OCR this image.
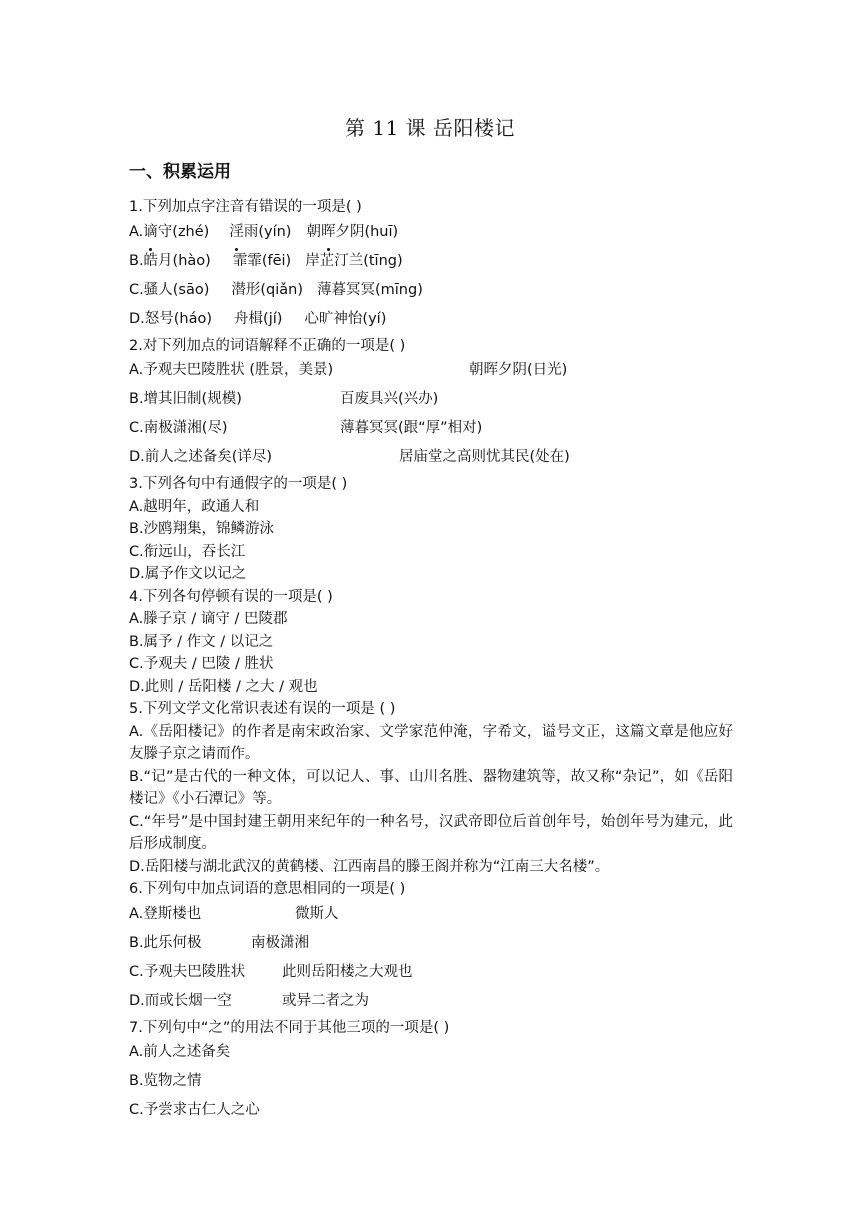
第 11 课 岳阳楼记
一、积累运用
1.下列加点字注音有错误的一项是( )
A.谪守(zhé) 淫雨(yín) 朝晖夕阴(huī)
B.皓月(hào) 霏霏(fēi) 岸芷汀兰(tīng)
C.骚人(sāo) 潜形(qiǎn) 薄暮冥冥(mīng)
D.怒号(háo) 舟楫(jí) 心旷神怡(yí)
2.对下列加点的词语解释不正确的一项是( )
A.予观夫巴陵胜状 (胜景，美景)	朝晖夕阴(日光)
B.增其旧制(规模)	百废具兴(兴办)
C.南极潇湘(尽)	薄暮冥冥(跟“厚”相对)
D.前人之述备矣(详尽)	居庙堂之高则忧其民(处在)
3.下列各句中有通假字的一项是( )
A.越明年，政通人和
B.沙鸥翔集，锦鳞游泳
C.衔远山，吞长江
D.属予作文以记之
4.下列各句停顿有误的一项是( )
A.滕子京 / 谪守 / 巴陵郡
B.属予 / 作文 / 以记之
C.予观夫 / 巴陵 / 胜状
D.此则 / 岳阳楼 / 之大 / 观也
5.下列文学文化常识表述有误的一项是 ( )
A.《岳阳楼记》的作者是南宋政治家、文学家范仲淹，字希文，谥号文正，这篇文章是他应好友滕子京之请而作。
B.“记”是古代的一种文体，可以记人、事、山川名胜、器物建筑等，故又称“杂记”，如《岳阳楼记》《小石潭记》等。
C.“年号”是中国封建王朝用来纪年的一种名号，汉武帝即位后首创年号，始创年号为建元，此后形成制度。
D.岳阳楼与湖北武汉的黄鹤楼、江西南昌的滕王阁并称为“江南三大名楼”。
6.下列句中加点词语的意思相同的一项是( )
A.登斯楼也	微斯人
B.此乐何极	南极潇湘
C.予观夫巴陵胜状	此则岳阳楼之大观也
D.而或长烟一空	或异二者之为
7.下列句中“之”的用法不同于其他三项的一项是( )
A.前人之述备矣
B.览物之情
C.予尝求古仁人之心
